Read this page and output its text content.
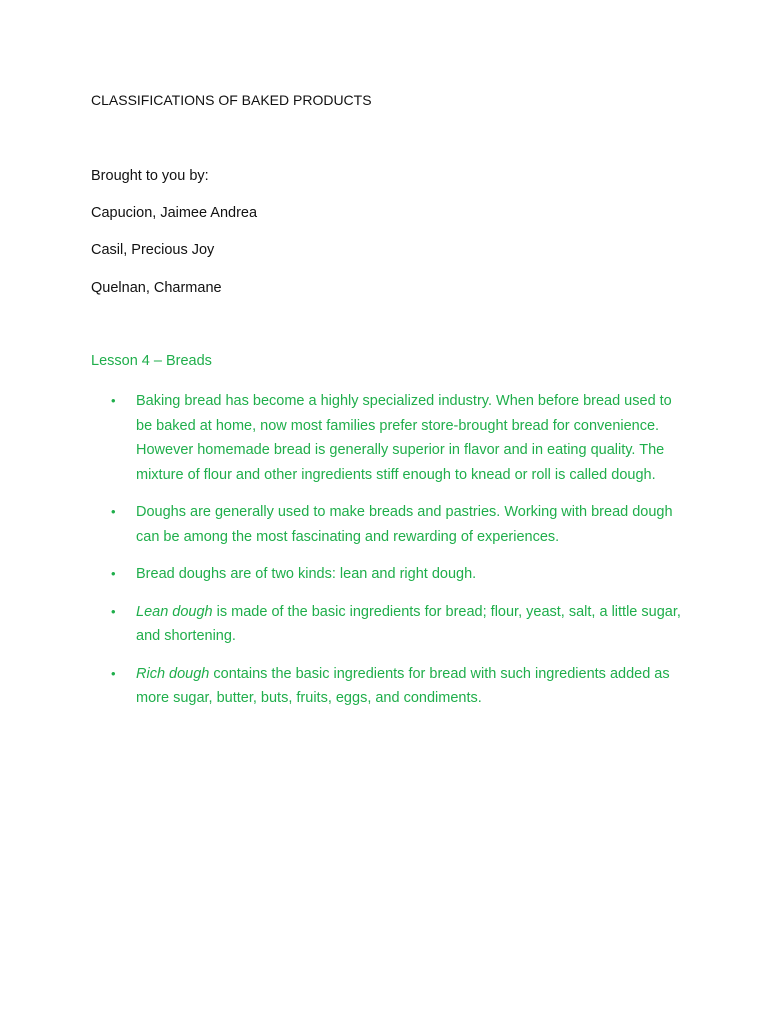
CLASSIFICATIONS OF BAKED PRODUCTS
Brought to you by:
Capucion, Jaimee Andrea
Casil, Precious Joy
Quelnan, Charmane
Lesson 4 – Breads
• Baking bread has become a highly specialized industry. When before bread used to be baked at home, now most families prefer store-brought bread for convenience. However homemade bread is generally superior in flavor and in eating quality. The mixture of flour and other ingredients stiff enough to knead or roll is called dough.
• Doughs are generally used to make breads and pastries. Working with bread dough can be among the most fascinating and rewarding of experiences.
• Bread doughs are of two kinds: lean and right dough.
• Lean dough is made of the basic ingredients for bread; flour, yeast, salt, a little sugar, and shortening.
• Rich dough contains the basic ingredients for bread with such ingredients added as more sugar, butter, buts, fruits, eggs, and condiments.
